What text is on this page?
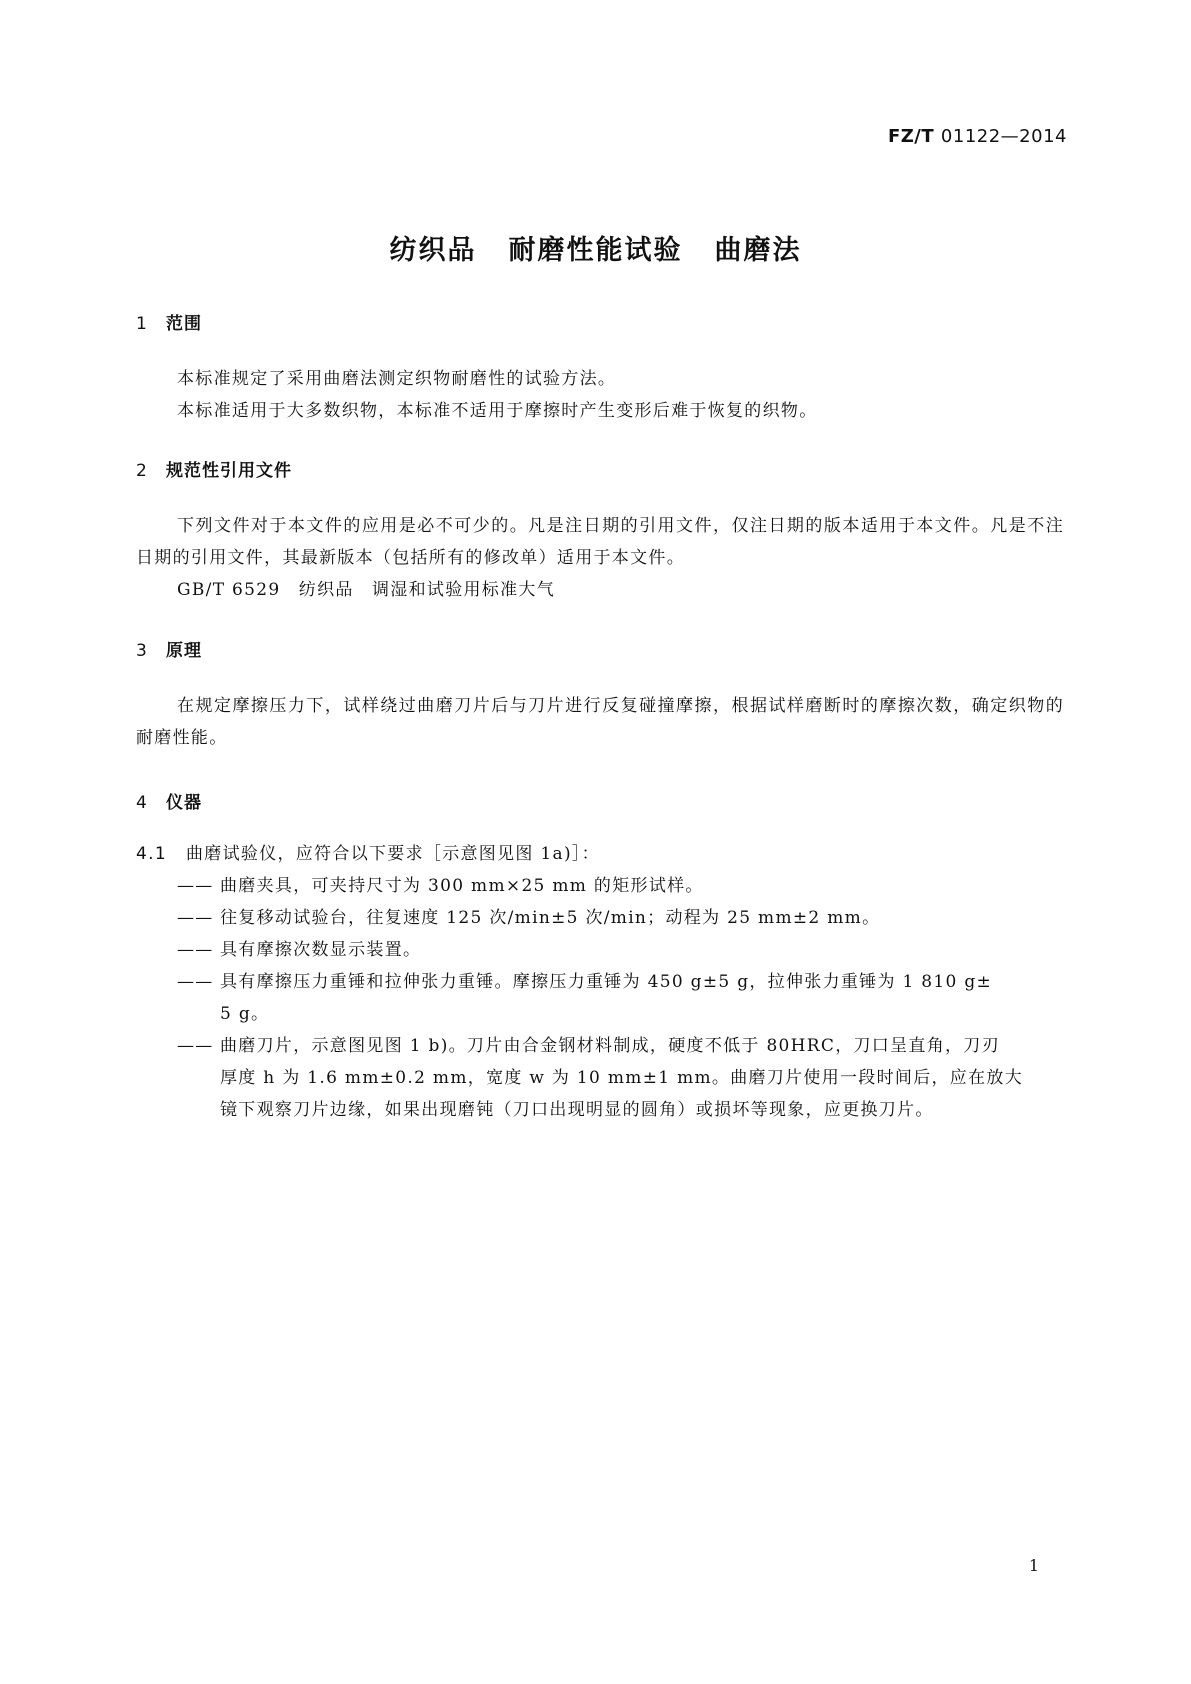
FZ/T 01122—2014
纺织品 耐磨性能试验 曲磨法
1 范围
本标准规定了采用曲磨法测定织物耐磨性的试验方法。
本标准适用于大多数织物，本标准不适用于摩擦时产生变形后难于恢复的织物。
2 规范性引用文件
下列文件对于本文件的应用是必不可少的。凡是注日期的引用文件，仅注日期的版本适用于本文件。凡是不注日期的引用文件，其最新版本（包括所有的修改单）适用于本文件。
GB/T 6529　纺织品　调湿和试验用标准大气
3 原理
在规定摩擦压力下，试样绕过曲磨刀片后与刀片进行反复碰撞摩擦，根据试样磨断时的摩擦次数，确定织物的耐磨性能。
4 仪器
4.1 曲磨试验仪，应符合以下要求［示意图见图 1a)］：
—— 曲磨夹具，可夹持尺寸为 300 mm×25 mm 的矩形试样。
—— 往复移动试验台，往复速度 125 次/min±5 次/min；动程为 25 mm±2 mm。
—— 具有摩擦次数显示装置。
—— 具有摩擦压力重锤和拉伸张力重锤。摩擦压力重锤为 450 g±5 g，拉伸张力重锤为 1 810 g±
5 g。
—— 曲磨刀片，示意图见图 1 b)。刀片由合金钢材料制成，硬度不低于 80HRC，刀口呈直角，刀刃
厚度 h 为 1.6 mm±0.2 mm，宽度 w 为 10 mm±1 mm。曲磨刀片使用一段时间后，应在放大
镜下观察刀片边缘，如果出现磨钝（刀口出现明显的圆角）或损坏等现象，应更换刀片。
1
